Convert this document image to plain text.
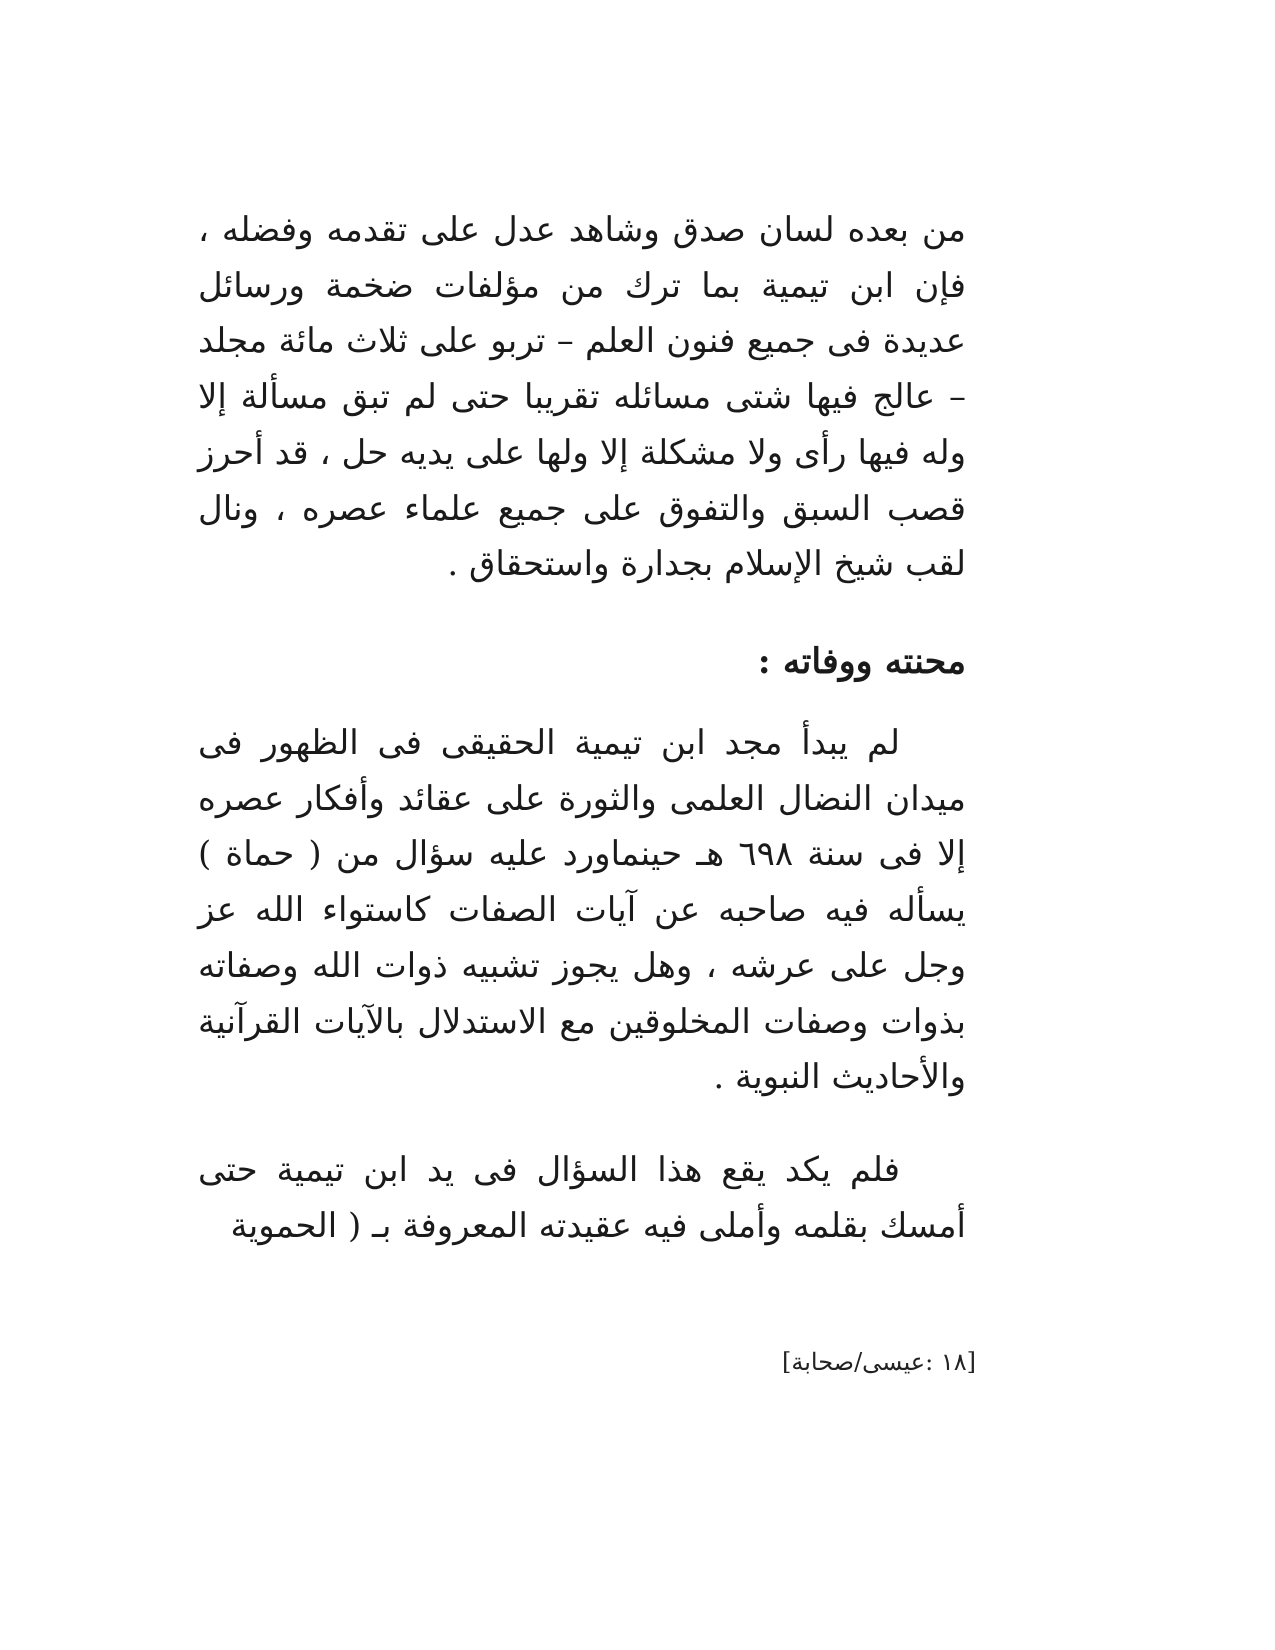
من بعده لسان صدق وشاهد عدل على تقدمه وفضله ، فإن ابن تيمية بما ترك من مؤلفات ضخمة ورسائل عديدة فى جميع فنون العلم – تربو على ثلاث مائة مجلد – عالج فيها شتى مسائله تقريبا حتى لم تبق مسألة إلا وله فيها رأى ولا مشكلة إلا ولها على يديه حل ، قد أحرز قصب السبق والتفوق على جميع علماء عصره ، ونال لقب شيخ الإسلام بجدارة واستحقاق .

محنته ووفاته :

لم يبدأ مجد ابن تيمية الحقيقى فى الظهور فى ميدان النضال العلمى والثورة على عقائد وأفكار عصره إلا فى سنة ٦٩٨ هـ حينماورد عليه سؤال من ( حماة ) يسأله فيه صاحبه عن آيات الصفات كاستواء الله عز وجل على عرشه ، وهل يجوز تشبيه ذوات الله وصفاته بذوات وصفات المخلوقين مع الاستدلال بالآيات القرآنية والأحاديث النبوية .

فلم يكد يقع هذا السؤال فى يد ابن تيمية حتى أمسك بقلمه وأملى فيه عقيدته المعروفة بـ ( الحموية

[١٨ :عيسى/صحابة]
